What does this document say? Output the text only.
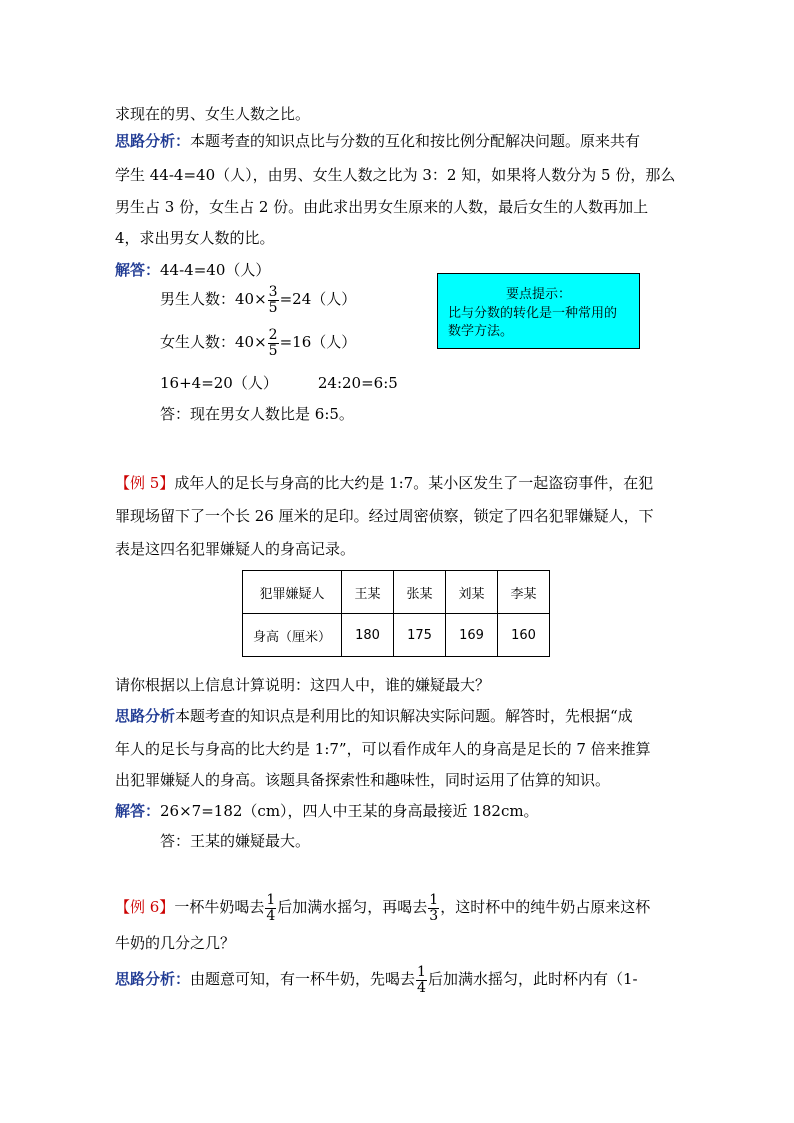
求现在的男、女生人数之比。
思路分析：本题考查的知识点比与分数的互化和按比例分配解决问题。原来共有
学生 44-4=40（人），由男、女生人数之比为 3：2 知，如果将人数分为 5 份，那么
男生占 3 份，女生占 2 份。由此求出男女生原来的人数，最后女生的人数再加上
4，求出男女人数的比。
解答：44-4=40（人）
男生人数：$40\times \frac{3}{5} =24$（人）
女生人数：$40\times \frac{2}{5} =16$（人）
16+4=20（人）	24:20=6:5
答：现在男女人数比是 6:5。
要点提示：
比与分数的转化是一种常用的
数学方法。
【例 5】成年人的足长与身高的比大约是 1:7。某小区发生了一起盗窃事件，在犯
罪现场留下了一个长 26 厘米的足印。经过周密侦察，锁定了四名犯罪嫌疑人，下
表是这四名犯罪嫌疑人的身高记录。
犯罪嫌疑人	王某	张某	刘某	李某
身高（厘米）	180	175	169	160
请你根据以上信息计算说明：这四人中，谁的嫌疑最大？
思路分析本题考查的知识点是利用比的知识解决实际问题。解答时，先根据“成
年人的足长与身高的比大约是 1:7”，可以看作成年人的身高是足长的 7 倍来推算
出犯罪嫌疑人的身高。该题具备探索性和趣味性，同时运用了估算的知识。
解答：26×7=182（cm），四人中王某的身高最接近 182cm。
答：王某的嫌疑最大。
【例 6】一杯牛奶喝去 $\frac{1}{4}$ 后加满水摇匀，再喝去 $\frac{1}{3}$ ，这时杯中的纯牛奶占原来这杯
牛奶的几分之几？
思路分析：由题意可知，有一杯牛奶，先喝去 $\frac{1}{4}$ 后加满水摇匀，此时杯内有（1-
